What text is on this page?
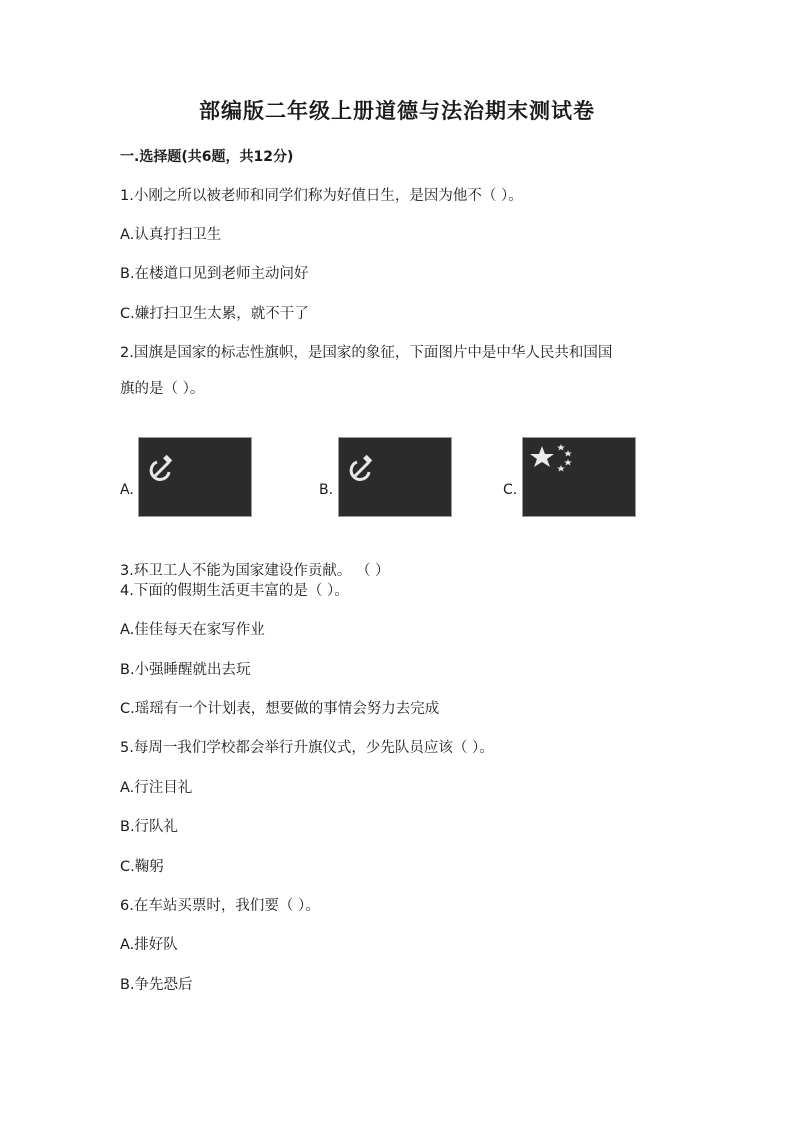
部编版二年级上册道德与法治期末测试卷
一.选择题(共6题，共12分)
1.小刚之所以被老师和同学们称为好值日生，是因为他不（ ）。
A.认真打扫卫生
B.在楼道口见到老师主动问好
C.嫌打扫卫生太累，就不干了
2.国旗是国家的标志性旗帜，是国家的象征，下面图片中是中华人民共和国国
旗的是（ ）。
A.	B.	C.
3.环卫工人不能为国家建设作贡献。 （ ）
4.下面的假期生活更丰富的是（ ）。
A.佳佳每天在家写作业
B.小强睡醒就出去玩
C.瑶瑶有一个计划表，想要做的事情会努力去完成
5.每周一我们学校都会举行升旗仪式，少先队员应该（ ）。
A.行注目礼
B.行队礼
C.鞠躬
6.在车站买票时，我们要（ ）。
A.排好队
B.争先恐后
